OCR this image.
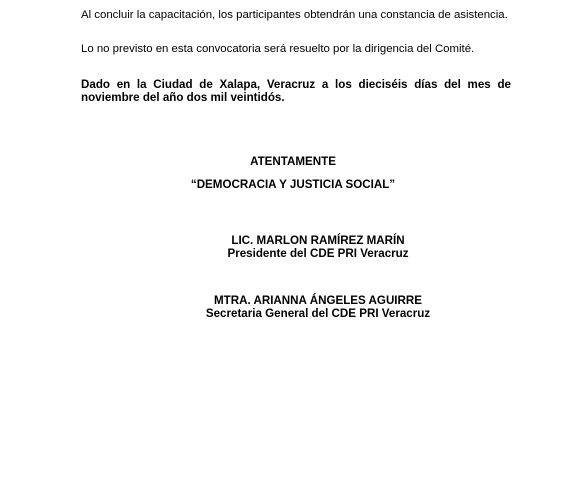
Al concluir la capacitación, los participantes obtendrán una constancia de asistencia.
Lo no previsto en esta convocatoria será resuelto por la dirigencia del Comité.
Dado en la Ciudad de Xalapa, Veracruz a los dieciséis días del mes de noviembre del año dos mil veintidós.
ATENTAMENTE
“DEMOCRACIA Y JUSTICIA SOCIAL”
LIC. MARLON RAMÍREZ MARÍN
Presidente del CDE PRI Veracruz
MTRA. ARIANNA ÁNGELES AGUIRRE
Secretaria General del CDE PRI Veracruz
